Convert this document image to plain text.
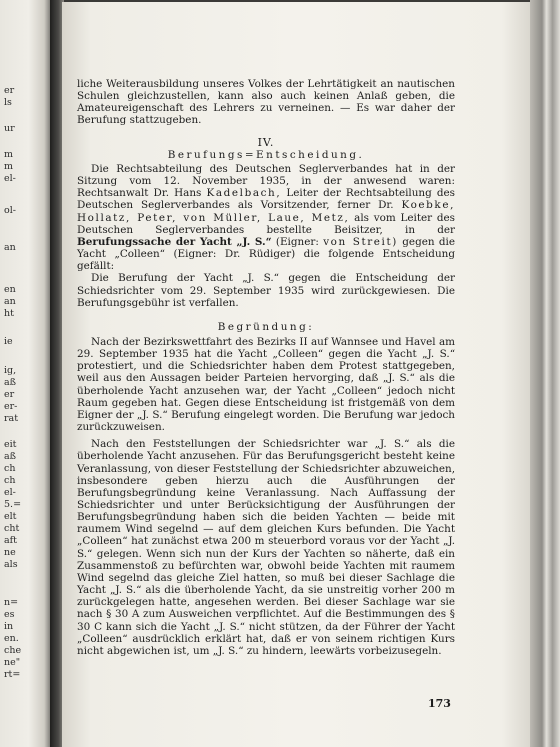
er
ls
ur
m
m
el-
ol-
an
en
an
ht
ie
ig,
aß
er
er-
rat
eit
aß
ch
ch
el-
5.=
elt
cht
aft
ne
als
n=
es
in
en.
che
ne"
rt=

liche Weiterausbildung unseres Volkes der Lehrtätigkeit an nautischen Schulen gleichzustellen, kann also auch keinen Anlaß geben, die Amateureigenschaft des Lehrers zu verneinen. — Es war daher der Berufung stattzugeben.

IV.

Berufungs=Entscheidung.

Die Rechtsabteilung des Deutschen Seglerverbandes hat in der Sitzung vom 12. November 1935, in der anwesend waren: Rechtsanwalt Dr. Hans Kadelbach, Leiter der Rechtsabteilung des Deutschen Seglerverbandes als Vorsitzender, ferner Dr. Koebke, Hollatz, Peter, von Müller, Laue, Metz, als vom Leiter des Deutschen Seglerverbandes bestellte Beisitzer, in der Berufungssache der Yacht „J. S.“ (Eigner: von Streit) gegen die Yacht „Colleen“ (Eigner: Dr. Rüdiger) die folgende Entscheidung gefällt:

Die Berufung der Yacht „J. S.“ gegen die Entscheidung der Schiedsrichter vom 29. September 1935 wird zurückgewiesen. Die Berufungsgebühr ist verfallen.

Begründung:

Nach der Bezirkswettfahrt des Bezirks II auf Wannsee und Havel am 29. September 1935 hat die Yacht „Colleen“ gegen die Yacht „J. S.“ protestiert, und die Schiedsrichter haben dem Protest stattgegeben, weil aus den Aussagen beider Parteien hervorging, daß „J. S.“ als die überholende Yacht anzusehen war, der Yacht „Colleen“ jedoch nicht Raum gegeben hat. Gegen diese Entscheidung ist fristgemäß von dem Eigner der „J. S.“ Berufung eingelegt worden. Die Berufung war jedoch zurückzuweisen.

Nach den Feststellungen der Schiedsrichter war „J. S.“ als die überholende Yacht anzusehen. Für das Berufungsgericht besteht keine Veranlassung, von dieser Feststellung der Schiedsrichter abzuweichen, insbesondere geben hierzu auch die Ausführungen der Berufungsbegründung keine Veranlassung. Nach Auffassung der Schiedsrichter und unter Berücksichtigung der Ausführungen der Berufungsbegründung haben sich die beiden Yachten — beide mit raumem Wind segelnd — auf dem gleichen Kurs befunden. Die Yacht „Colleen“ hat zunächst etwa 200 m steuerbord voraus vor der Yacht „J. S.“ gelegen. Wenn sich nun der Kurs der Yachten so näherte, daß ein Zusammenstoß zu befürchten war, obwohl beide Yachten mit raumem Wind segelnd das gleiche Ziel hatten, so muß bei dieser Sachlage die Yacht „J. S.“ als die überholende Yacht, da sie unstreitig vorher 200 m zurückgelegen hatte, angesehen werden. Bei dieser Sachlage war sie nach § 30 A zum Ausweichen verpflichtet. Auf die Bestimmungen des § 30 C kann sich die Yacht „J. S.“ nicht stützen, da der Führer der Yacht „Colleen“ ausdrücklich erklärt hat, daß er von seinem richtigen Kurs nicht abgewichen ist, um „J. S.“ zu hindern, leewärts vorbeizusegeln.

173
